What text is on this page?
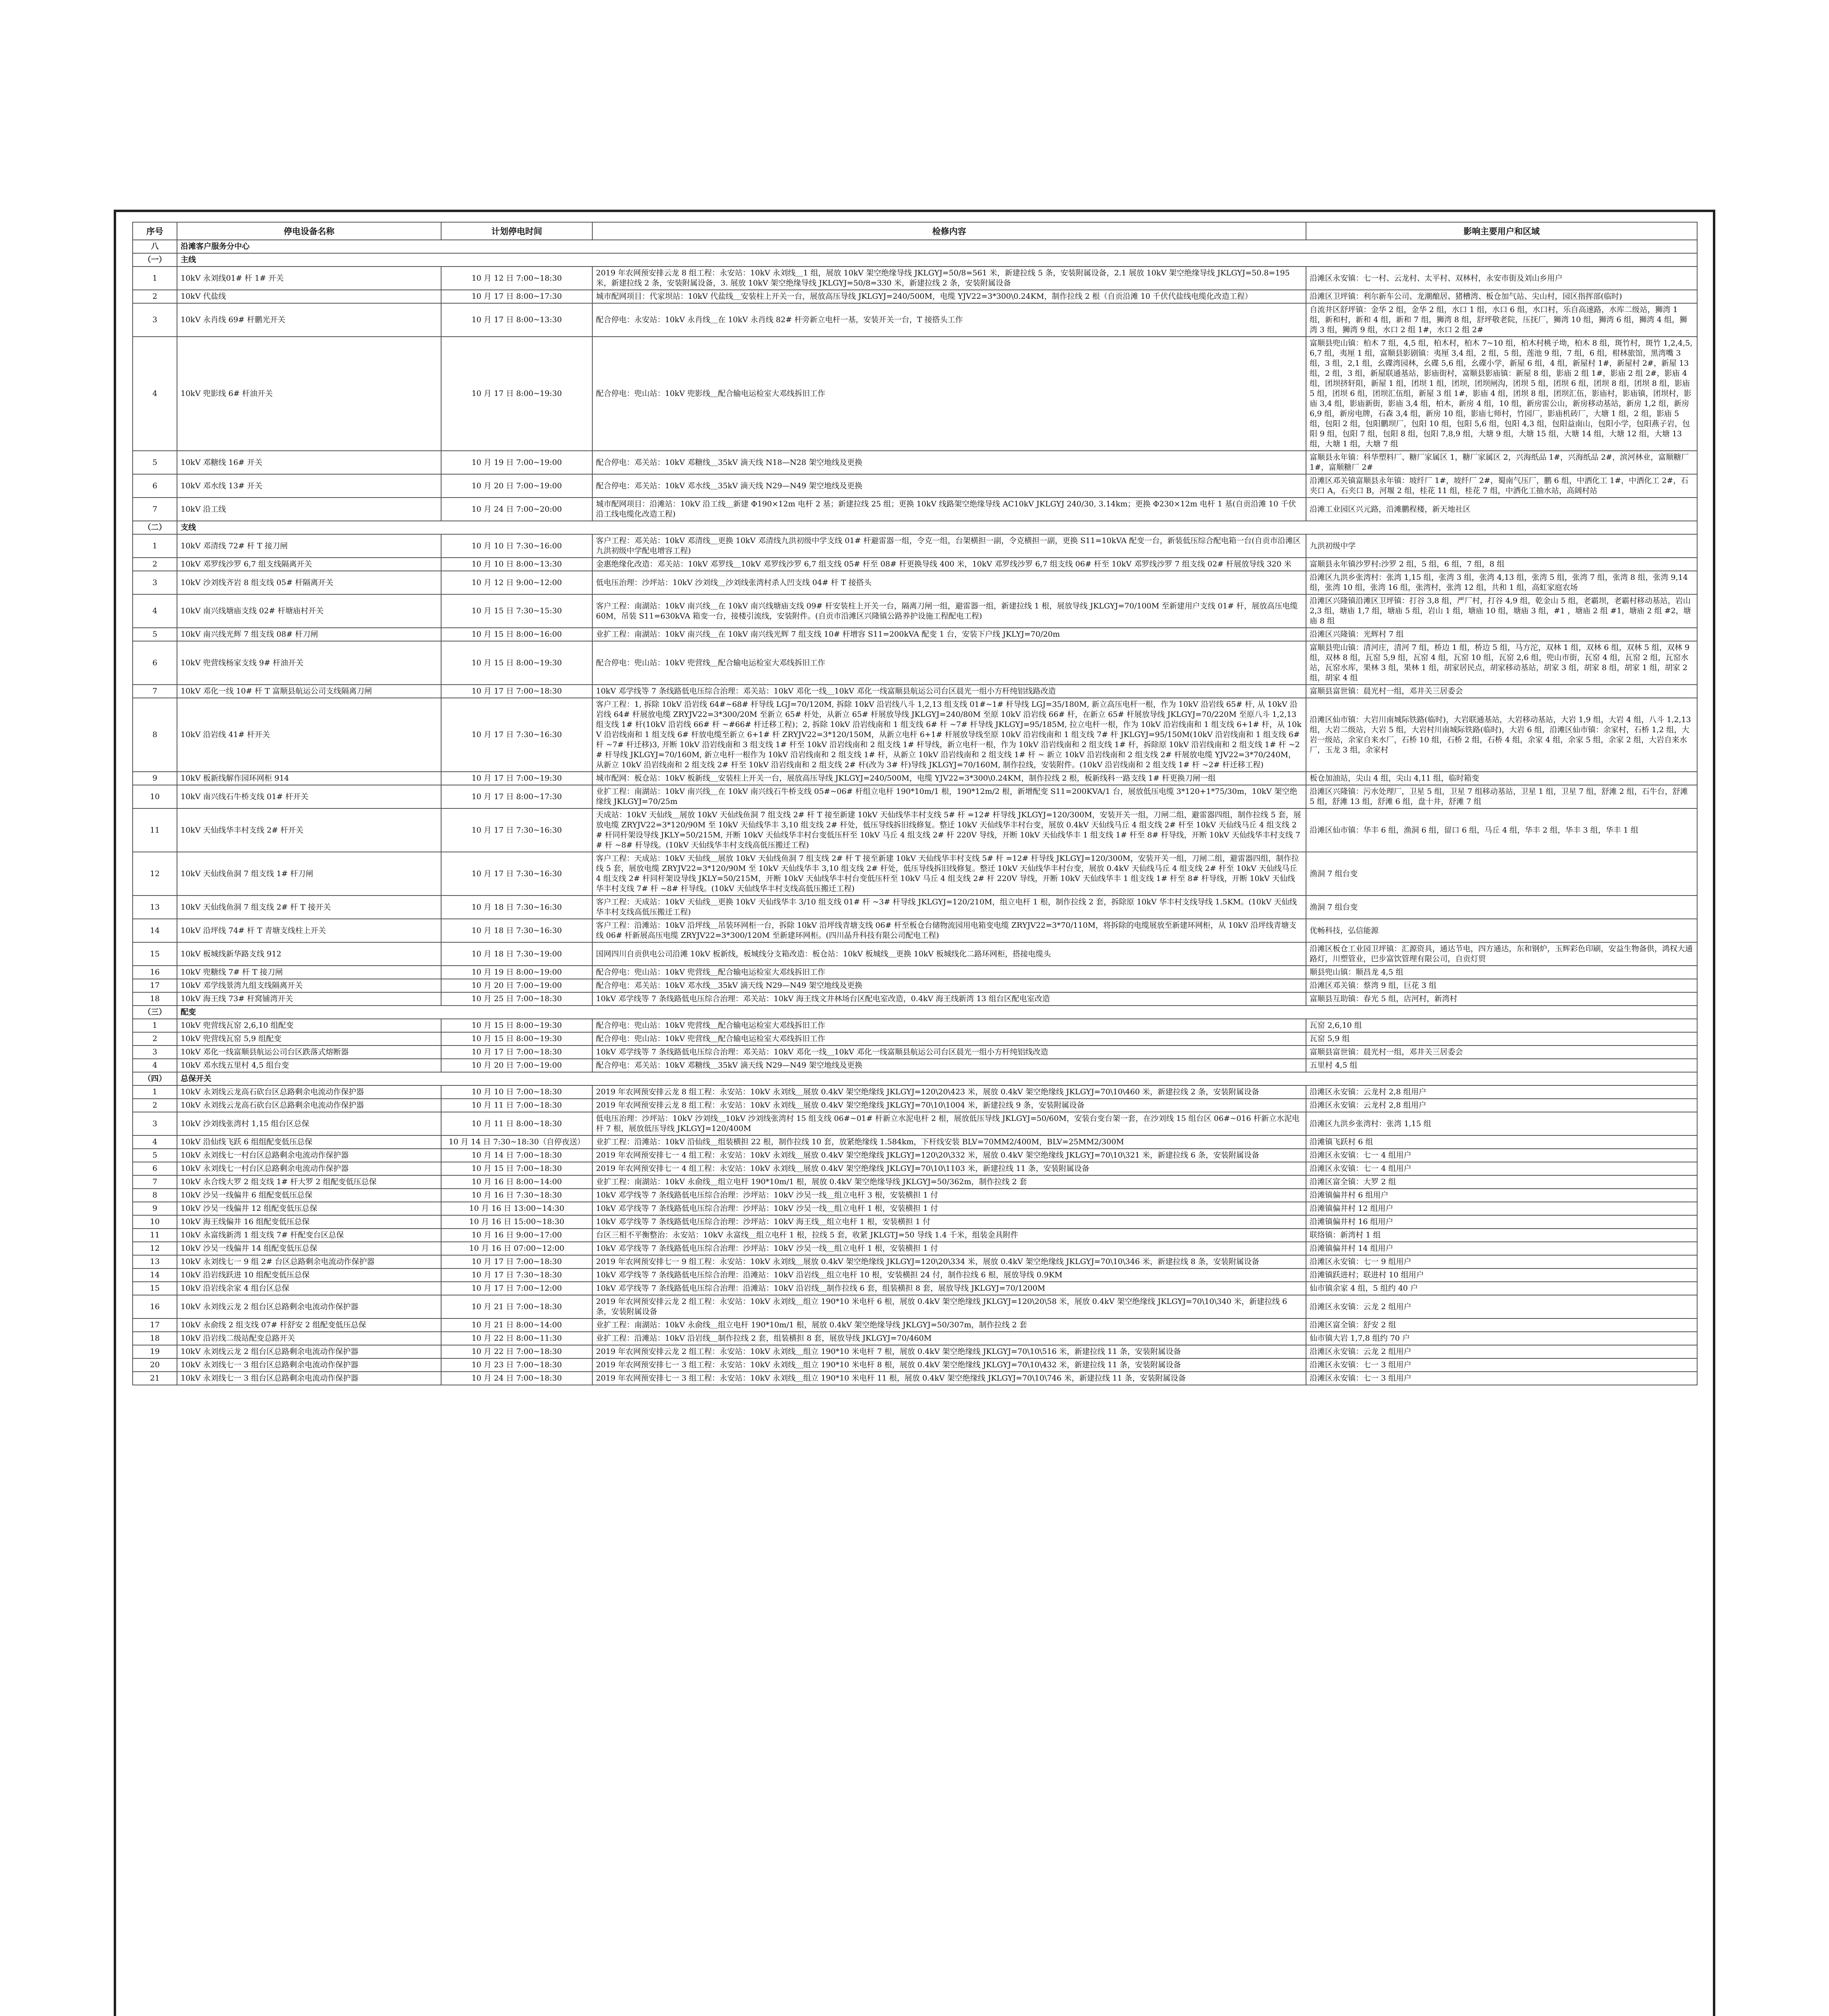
序号	停电设备名称	计划停电时间	检修内容	影响主要用户和区域
八	沿滩客户服务分中心			
（一）	主线			
1	10kV 永刘线01# 杆 1# 开关	10 月 12 日 7:00~18:30	2019 年农网预安排云龙 8 组工程：永安站：10kV 永刘线＿1 组，展放 10kV 架空绝缘导线 JKLGYJ=50/8=561 米，新建拉线 5 条，安装附属设备，2.1 展放 10kV 架空绝缘导线 JKLGYJ=50.8=195 米，新建拉线 2 条，安装附属设备，3. 展放 10kV 架空绝缘导线 JKLGYJ=50/8=330 米，新建拉线 2 条，安装附属设备	沿滩区永安镇：七一村、云龙村、太平村、双林村，永安市街及刘山乡用户
2	10kV 代盐线	10 月 17 日 8:00~17:30	城市配网项目：代家坝站：10kV 代盐线＿安装柱上开关一台，展放高压导线 JKLGYJ=240/500M，电缆 YJV22=3*300\0.24KM，制作拉线 2 根（自贡沿滩 10 千伏代盐线电缆化改造工程）	沿滩区卫坪镇：利尔新车公司、龙潮酿居、猪槽湾、板仓加气站、尖山村，园区指挥部(临时)
3	10kV 永肖线 69# 杆鹏光开关	10 月 17 日 8:00~13:30	配合停电：永安站：10kV 永肖线＿在 10kV 永肖线 82# 杆旁新立电杆一基，安装开关一台，T 接搭头工作	自流井区舒坪镇：金华 2 组，金华 2 组，水口 1 组，水口 6 组，水口村，乐自高速路，水库二级站，狮湾 1 组，新和村，新和 4 组，新和 7 组，狮湾 8 组，舒坪敬老院，压抚厂，狮湾 10 组，狮湾 6 组，狮湾 4 组，狮湾 3 组，狮湾 9 组，水口 2 组 1#，水口 2 组 2#
4	10kV 兜影线 6# 杆油开关	10 月 17 日 8:00~19:30	配合停电：兜山站：10kV 兜影线＿配合输电运检室大邓线拆旧工作	富顺县兜山镇：柏木 7 组，4,5 组，柏木村，柏木 7~10 组，柏木村桃子坳，柏木 8 组，斑竹村，斑竹 1,2,4,5,6,7 组，夷厘 1 组，富顺县影剧镇：夷厘 3,4 组，2 组，5 组，莲池 9 组，7 组，6 组，柑林旅馆，黑湾嘴 3 组，3 组，2,1 组，幺碟湾园林，幺碟 5,6 组，幺碟小学，新屋 6 组，4 组，新屋村 1#，新屋村 2#，新屋 13 组，2 组，3 组，新屋联通基站，影庙街村，富顺县影庙镇：新屋 8 组，影庙 2 组 1#，影庙 2 组 2#，影庙 4 组，团坝挤轩阻，新屋 1 组，团坝 1 组，团坝，团坝闸沟，团坝 5 组，团坝 6 组，团坝 8 组，团坝 8 组，影庙 5 组，团坝 6 组，团坝汇伍组，新屋 3 组 1#，影庙 4 组，团坝 8 组，团坝汇伍，影庙村，影庙镇，团坝村，影庙 3,4 组，影庙新街，影庙 3,4 组，柏木，新房 4 组，10 组，新房雷公山，新房移动基站，新房 1,2 组，新房 6,9 组，新房电牌，石森 3,4 组，新房 10 组，影庙七师村，竹园厂，影庙机砖厂，大塘 1 组，2 组，影庙 5 组，包阳 2 组，包阳鹏坝厂，包阳 10 组，包阳 5,6 组，包阳 4,3 组，包阳益南山，包阳小学，包阳燕子岩，包阳 9 组，包阳 7 组，包阳 8 组，包阳 7,8,9 组，大塘 9 组，大塘 15 组，大塘 14 组，大塘 12 组，大塘 13 组，大塘 1 组，大塘 7 组
5	10kV 邓糖线 16# 开关	10 月 19 日 7:00~19:00	配合停电：邓关站：10kV 邓糖线＿35kV 滴天线 N18—N28 架空地线及更换	富顺县永年镇：科华塑料厂、糖厂家属区 1，糖厂家属区 2，兴海纸品 1#，兴海纸品 2#，滨河林业，富顺糖厂 1#，富顺糖厂 2#
6	10kV 邓水线 13# 开关	10 月 20 日 7:00~19:00	配合停电：邓关站：10kV 邓水线＿35kV 滴天线 N29—N49 架空地线及更换	沿滩区邓关镇富顺县永年镇：坡纤厂 1#，坡纤厂 2#，蜀南气压厂，鹏 6 组，中洒化工 1#，中洒化工 2#，石夹口 A，石夹口 B，河堰 2 组，桂花 11 组，桂花 7 组，中洒化工抽水站，高阔村站
7	10kV 沿工线	10 月 24 日 7:00~20:00	城市配网项目：沿滩站：10kV 沿工线＿新建 Φ190×12m 电杆 2 基；新建拉线 25 组；更换 10kV 线路架空绝缘导线 AC10kV JKLGYJ 240/30, 3.14km；更换 Φ230×12m 电杆 1 基(自贡沿滩 10 千伏沿工线电缆化改造工程)	沿滩工业园区兴元路，沿滩鹏程楼，新天地社区
（二）	支线			
1	10kV 邓清线 72# 杆 T 接刀闸	10 月 10 日 7:30~16:00	客户工程：邓关站：10kV 邓清线＿更换 10kV 邓清线九洪初级中学支线 01# 杆避雷器一组，令克一组，台架横担一副，令克横担一副，更换 S11=10kVA 配变一台，新装低压综合配电箱一台(自贡市沿滩区九洪初级中学配电增容工程)	九洪初级中学
2	10kV 邓罗线沙罗 6,7 组支线隔离开关	10 月 10 日 8:00~13:30	金惠绝缘化改造：邓关站：10kV 邓罗线＿10kV 邓罗线沙罗 6,7 组支线 05# 杆至 08# 杆更换导线 400 米，10kV 邓罗线沙罗 6,7 组支线 06# 杆至 10kV 邓罗线沙罗 7 组支线 02# 杆展放导线 320 米	富顺县永年镇沙罗村:沙罗 2 组，5 组，6 组，7 组，8 组
3	10kV 沙刘线齐岩 8 组支线 05# 杆隔离开关	10 月 12 日 9:00~12:00	低电压治理：沙坪站：10kV 沙刘线＿沙刘线张湾村杀人凹支线 04# 杆 T 接搭头	沿滩区九洪乡张湾村：张湾 1,15 组，张湾 3 组，张湾 4,13 组，张湾 5 组，张湾 7 组，张湾 8 组，张湾 9,14 组，张湾 10 组，张湾 16 组，张湾村，张湾 12 组，共和 1 组，高虹家庭农场
4	10kV 南兴线塘庙支线 02# 杆塘庙村开关	10 月 15 日 7:30~15:30	客户工程：南湖站：10kV 南兴线＿在 10kV 南兴线塘庙支线 09# 杆安装柱上开关一台，隔离刀闸一组，避雷器一组，新建拉线 1 根，展放导线 JKLGYJ=70/100M 至新建用户支线 01# 杆，展放高压电缆 60M，吊装 S11=630kVA 箱变一台，接楼引流线，安装附件。(自贡市沿滩区兴隆镇公路养护设施工程配电工程)	沿滩区兴隆镇沿滩区卫坪镇：打谷 3,8 组，严厂村，打谷 4,9 组，乾金山 5 组，老霸坝，老霸村移动基站，岩山 2,3 组，塘庙 1,7 组，塘庙 5 组，岩山 1 组，塘庙 10 组，塘庙 3 组，#1 ，塘庙 2 组 #1，塘庙 2 组 #2，塘庙 8 组
5	10kV 南兴线光辉 7 组支线 08# 杆刀闸	10 月 15 日 8:00~16:00	业扩工程：南湖站：10kV 南兴线＿在 10kV 南兴线光辉 7 组支线 10# 杆增容 S11=200kVA 配变 1 台，安装下户线 JKLYJ=70/20m	沿滩区兴隆镇：光辉村 7 组
6	10kV 兜营线杨家支线 9# 杆油开关	10 月 15 日 8:00~19:30	配合停电：兜山站：10kV 兜营线＿配合输电运检室大邓线拆旧工作	富顺县兜山镇：清河庄，清河 7 组，桥边 1 组，桥边 5 组，马方沱，双林 1 组，双林 6 组，双林 5 组，双林 9 组，双林 8 组，瓦窑 5,9 组，瓦窑 4 组，瓦窑 10 组，瓦窑 2,6 组，兜山市街，瓦窑 4 组，瓦窑 2 组，瓦窑水站，瓦窑水库，果林 3 组，果林 1 组，胡家居民点，胡家移动基站，胡家 3 组，胡家 8 组，胡家 1 组，胡家 2 组，胡家 4 组
7	10kV 邓化一线 10# 杆 T 富顺县航运公司支线隔离刀闸	10 月 17 日 7:00~18:30	10kV 邓学线等 7 条线路低电压综合治理：邓关站：10kV 邓化一线＿10kV 邓化一线富顺县航运公司台区晨光一组小方杆纯铝线路改造	富顺县富世镇：晨光村一组，邓井关三居委会
8	10kV 沿岩线 41# 杆开关	10 月 17 日 7:30~16:30	客户工程：1, 拆除 10kV 沿岩线 64#~68# 杆导线 LGJ=70/120M, 拆除 10kV 沿岩线八斗 1,2,13 组支线 01#~1# 杆导线 LGJ=35/180M, 新立高压电杆一根，作为 10kV 沿岩线 65# 杆, 从 10kV 沿岩线 64# 杆展放电缆 ZRYJV22=3*300/20M 至新立 65# 杆处，从新立 65# 杆展放导线 JKLGYJ=240/80M 至原 10kV 沿岩线 66# 杆，在新立 65# 杆展放导线 JKLGYJ=70/220M 至原八斗 1,2,13 组支线 1# 杆(10kV 沿岩线 66# 杆 ~#66# 杆迁移工程)；2, 拆除 10kV 沿岩线南和 1 组支线 6# 杆 ~7# 杆导线 JKLGYJ=95/185M, 拉立电杆一根，作为 10kV 沿岩线南和 1 组支线 6+1# 杆，从 10kV 沿岩线南和 1 组支线 6# 杆放电缆至新立 6+1# 杆 ZRYJV22=3*120/150M，从新立电杆 6+1# 杆展放导线至原 10kV 沿岩线南和 1 组支线 7# 杆 JKLGYJ=95/150M(10kV 沿岩线南和 1 组支线 6# 杆 ~7# 杆迁移)3, 开断 10kV 沿岩线南和 3 组支线 1# 杆至 10kV 沿岩线南和 2 组支线 1# 杆导线，新立电杆一根，作为 10kV 沿岩线南和 2 组支线 1# 杆，拆除原 10kV 沿岩线南和 2 组支线 1# 杆 ~2# 杆导线 JKLGYJ=70/160M, 新立电杆一根作为 10kV 沿岩线南和 2 组支线 1# 杆，从新立 10kV 沿岩线南和 2 组支线 1# 杆 ~ 新立 10kV 沿岩线南和 2 组支线 2# 杆展放电缆 YJV22=3*70/240M，从新立 10kV 沿岩线南和 2 组支线 2# 杆至 10kV 沿岩线南和 2 组支线 2# 杆(改为 3# 杆)导线 JKLGYJ=70/160M, 制作拉线，安装附件。(10kV 沿岩线南和 2 组支线 1# 杆 ~2# 杆迁移工程)	沿滩区仙市镇：大岩川南城际铁路(临时)，大岩联通基站，大岩移动基站，大岩 1,9 组，大岩 4 组，八斗 1,2,13 组，大岩二级站，大岩 5 组，大岩村川南城际铁路(临时)，大岩 6 组，沿滩区仙市镇：余家村，石桥 1,2 组，大岩一级站，余家自来水厂，石桥 10 组，石桥 2 组，石桥 4 组，余家 4 组，余家 5 组，余家 2 组，大岩自来水厂，玉龙 3 组，余家村
9	10kV 板新线解作园环网柜 914	10 月 17 日 7:00~19:30	城市配网：板仓站：10kV 板新线＿安装柱上开关一台，展放高压导线 JKLGYJ=240/500M，电缆 YJV22=3*300\0.24KM，制作拉线 2 根，板新线科一路支线 1# 杆更换刀闸一组	板仓加油站，尖山 4 组，尖山 4,11 组，临时箱变
10	10kV 南兴线石牛桥支线 01# 杆开关	10 月 17 日 8:00~17:30	业扩工程：南湖站：10kV 南兴线＿在 10kV 南兴线石牛桥支线 05#~06# 杆组立电杆 190*10m/1 根，190*12m/2 根，新增配变 S11=200KVA/1 台，展放低压电缆 3*120+1*75/30m，10kV 架空绝缘线 JKLGYJ=70/25m	沿滩区兴隆镇：污水处理厂，卫星 5 组，卫星 7 组移动基站，卫星 1 组，卫星 7 组，舒滩 2 组，石牛台，舒滩 5 组，舒滩 13 组，舒滩 6 组，盘十井，舒滩 7 组
11	10kV 天仙线华丰村支线 2# 杆开关	10 月 17 日 7:30~16:30	天成站：10kV 天仙线＿展放 10kV 天仙线鱼洞 7 组支线 2# 杆 T 接至新建 10kV 天仙线华丰村支线 5# 杆 =12# 杆导线 JKLGYJ=120/300M，安装开关一组，刀闸二组，避雷器四组，制作拉线 5 套，展放电缆 ZRYJV22=3*120/90M 至 10kV 天仙线华丰 3,10 组支线 2# 杆处，低压导线拆旧线修复。整迁 10kV 天仙线华丰村台变，展放 0.4kV 天仙线马丘 4 组支线 2# 杆至 10kV 天仙线马丘 4 组支线 2# 杆同杆架设导线 JKLY=50/215M, 开断 10kV 天仙线华丰村台变低压杆至 10kV 马丘 4 组支线 2# 杆 220V 导线，开断 10kV 天仙线华丰 1 组支线 1# 杆至 8# 杆导线，开断 10kV 天仙线华丰村支线 7# 杆 ~8# 杆导线。(10kV 天仙线华丰村支线高低压搬迁工程)	沿滩区仙市镇：华丰 6 组，渔洞 6 组，留口 6 组，马丘 4 组，华丰 2 组，华丰 3 组，华丰 1 组
12	10kV 天仙线鱼洞 7 组支线 1# 杆刀闸	10 月 17 日 7:30~16:30	客户工程：天成站：10kV 天仙线＿展放 10kV 天仙线鱼洞 7 组支线 2# 杆 T 接至新建 10kV 天仙线华丰村支线 5# 杆 =12# 杆导线 JKLGYJ=120/300M，安装开关一组，刀闸二组，避雷器四组，制作拉线 5 套，展放电缆 ZRYJV22=3*120/90M 至 10kV 天仙线华丰 3,10 组支线 2# 杆处，低压导线拆旧线修复。整迁 10kV 天仙线华丰村台变，展放 0.4kV 天仙线马丘 4 组支线 2# 杆至 10kV 天仙线马丘 4 组支线 2# 杆同杆架设导线 JKLY=50/215M，开断 10kV 天仙线华丰村台变低压杆至 10kV 马丘 4 组支线 2# 杆 220V 导线，开断 10kV 天仙线华丰 1 组支线 1# 杆至 8# 杆导线，开断 10kV 天仙线华丰村支线 7# 杆 ~8# 杆导线。(10kV 天仙线华丰村支线高低压搬迁工程)	渔洞 7 组台变
13	10kV 天仙线鱼洞 7 组支线 2# 杆 T 接开关	10 月 18 日 7:30~16:30	客户工程：天成站：10kV 天仙线＿更换 10kV 天仙线华丰 3/10 组支线 01# 杆 ~3# 杆导线 JKLGYJ=120/210M，组立电杆 1 根，制作拉线 2 套，拆除原 10kV 华丰村支线导线 1.5KM。(10kV 天仙线华丰村支线高低压搬迁工程)	渔洞 7 组台变
14	10kV 沿坪线 74# 杆 T 青塘支线柱上开关	10 月 18 日 7:30~16:30	客户工程：沿滩站：10kV 沿坪线＿吊装环网柜一台，拆除 10kV 沿坪线青塘支线 06# 杆至板仓台储物流园用电箱变电缆 ZRYJV22=3*70/110M，将拆除的电缆展放至新建环网柜，从 10kV 沿坪线青塘支线 06# 杆新展高压电缆 ZRYJV22=3*300/120M 至新建环网柜。(四川晶升科技有限公司配电工程)	优畅科技，弘信能源
15	10kV 板城线新华路支线 912	10 月 18 日 7:30~19:00	国网四川自贡供电公司沿滩 10kV 板新线，板城线分支箱改造：板仓站：10kV 板城线＿更换 10kV 板城线化二路环网柜，搭接电缆头	沿滩区板仓工业园卫坪镇：汇源资具，通达节电，四方通达，东和钢炉，玉辉彩色印刷，安益生物备供，鸿权大通路灯，川塑管业，巴步富饮管理有限公司，自贡灯贸
16	10kV 兜糖线 7# 杆 T 接刀闸	10 月 19 日 8:00~19:00	配合停电：兜山站：10kV 兜营线＿配合输电运检室大邓线拆旧工作	顺县兜山镇：顺昌龙 4,5 组
17	10kV 邓学线景湾九组支线隔离开关	10 月 20 日 7:00~19:00	配合停电：邓关站：10kV 邓水线＿35kV 滴天线 N29—N49 架空地线及更换	沿滩区邓关镇：蔡湾 9 组，巨花 3 组
18	10kV 海王线 73# 杆窝铺湾开关	10 月 25 日 7:00~18:30	10kV 邓学线等 7 条线路低电压综合治理：邓关站：10kV 海王线文井林场台区配电室改造，0.4kV 海王线新湾 13 组台区配电室改造	富顺县互助镇：春光 5 组，店河村，新湾村
（三）	配变			
1	10kV 兜营线瓦窑 2,6,10 组配变	10 月 15 日 8:00~19:30	配合停电：兜山站：10kV 兜营线＿配合输电运检室大邓线拆旧工作	瓦窑 2,6,10 组
2	10kV 兜营线瓦窑 5,9 组配变	10 月 15 日 8:00~19:30	配合停电：兜山站：10kV 兜营线＿配合输电运检室大邓线拆旧工作	瓦窑 5,9 组
3	10kV 邓化一线富顺县航运公司台区跌落式熔断器	10 月 17 日 7:00~18:30	10kV 邓学线等 7 条线路低电压综合治理：邓关站：10kV 邓化一线＿10kV 邓化一线富顺县航运公司台区晨光一组小方杆纯铝线改造	富顺县富世镇：晨光村一组，邓井关三居委会
4	10kV 邓水线五里村 4,5 组台变	10 月 20 日 7:00~19:00	配合停电：邓关站：10kV 邓糖线＿35kV 滴天线 N29—N49 架空地线及更换	五里村 4,5 组
（四）	总保开关			
1	10kV 永刘线云龙高石砍台区总路剩余电流动作保护器	10 月 10 日 7:00~18:30	2019 年农网预安排云龙 8 组工程：永安站：10kV 永刘线＿展放 0.4kV 架空绝缘线 JKLGYJ=120\20\423 米，展放 0.4kV 架空绝缘线 JKLGYJ=70\10\460 米，新建拉线 2 条，安装附属设备	沿滩区永安镇：云龙村 2,8 组用户
2	10kV 永刘线云龙高石砍台区总路剩余电流动作保护器	10 月 11 日 7:00~18:30	2019 年农网预安排云龙 8 组工程：永安站：10kV 永刘线＿展放 0.4kV 架空绝缘线 JKLGYJ=70\10\1004 米，新建拉线 9 条，安装附属设备	沿滩区永安镇：云龙村 2,8 组用户
3	10kV 沙刘线张湾村 1,15 组台区总保	10 月 11 日 8:00~18:30	低电压治理：沙坪站：10kV 沙刘线＿10kV 沙刘线张湾村 15 组支线 06#~01# 杆新立水泥电杆 2 根，展放低压导线 JKLGYJ=50/60M，安装台变台架一套，在沙刘线 15 组台区 06#~016 杆新立水泥电杆 7 根，展放低压导线 JKLGYJ=120/400M	沿滩区九洪乡张湾村：张湾 1,15 组
4	10kV 沿仙线飞跃 6 组组配变低压总保	10 月 14 日 7:30~18:30（自停夜送）	业扩工程：沿滩站：10kV 沿仙线＿组装横担 22 根，制作拉线 10 套，放紧绝缘线 1.584km，下杆线安装 BLV=70MM2/400M，BLV=25MM2/300M	沿滩镇飞跃村 6 组
5	10kV 永刘线七一村台区总路剩余电流动作保护器	10 月 14 日 7:00~18:30	2019 年农网预安排七一 4 组工程：永安站：10kV 永刘线＿展放 0.4kV 架空绝缘线 JKLGYJ=120\20\332 米，展放 0.4kV 架空绝缘线 JKLGYJ=70\10\321 米，新建拉线 6 条，安装附属设备	沿滩区永安镇：七一 4 组用户
6	10kV 永刘线七一村台区总路剩余电流动作保护器	10 月 15 日 7:00~18:30	2019 年农网预安排七一 4 组工程：永安站：10kV 永刘线＿展放 0.4kV 架空绝缘线 JKLGYJ=70\10\1103 米，新建拉线 11 条，安装附属设备	沿滩区永安镇：七一 4 组用户
7	10kV 永合线大罗 2 组支线 1# 杆大罗 2 组配变低压总保	10 月 16 日 8:00~14:00	业扩工程：南湖站：10kV 永俞线＿组立电杆 190*10m/1 根，展放 0.4kV 架空绝缘导线 JKLGYJ=50/362m，制作拉线 2 套	沿滩区富全镇：大罗 2 组
8	10kV 沙吴一线偏井 6 组配变低压总保	10 月 16 日 7:30~18:30	10kV 邓学线等 7 条线路低电压综合治理：沙坪站：10kV 沙吴一线＿组立电杆 3 根，安装横担 1 付	沿滩镇偏井村 6 组用户
9	10kV 沙吴一线偏井 12 组配变低压总保	10 月 16 日 13:00~14:30	10kV 邓学线等 7 条线路低电压综合治理：沙坪站：10kV 沙吴一线＿组立电杆 1 根，安装横担 1 付	沿滩镇偏井村 12 组用户
10	10kV 海王线偏井 16 组配变低压总保	10 月 16 日 15:00~18:30	10kV 邓学线等 7 条线路低电压综合治理：沙坪站：10kV 海王线＿组立电杆 1 根，安装横担 1 付	沿滩镇偏井村 16 组用户
11	10kV 永富线新湾 1 组支线 7# 杆配变台区总保	10 月 16 日 9:00~17:00	台区三相不平衡整治：永安站：10kV 永富线＿组立电杆 1 根，拉线 5 套，收紧 JKLGTJ=50 导线 1.4 千米，组装金具附件	联络镇：新湾村 1 组
12	10kV 沙吴一线偏井 14 组配变低压总保	10 月 16 日 07:00~12:00	10kV 邓学线等 7 条线路低电压综合治理：沙坪站：10kV 沙吴一线＿组立电杆 1 根，安装横担 1 付	沿滩镇偏井村 14 组用户
13	10kV 永刘线七一 9 组 2# 台区总路剩余电流动作保护器	10 月 17 日 7:00~18:30	2019 年农网预安排七一 9 组工程：永安站：10kV 永刘线＿展放 0.4kV 架空绝缘线 JKLGYJ=120\20\334 米，展放 0.4kV 架空绝缘线 JKLGYJ=70\10\346 米，新建拉线 8 条，安装附属设备	沿滩区永安镇：七一 9 组用户
14	10kV 沿岩线跃进 10 组配变低压总保	10 月 17 日 7:30~18:30	10kV 邓学线等 7 条线路低电压综合治理：沿滩站：10kV 沿岩线＿组立电杆 10 根，安装横担 24 付，制作拉线 6 根，展放导线 0.9KM	沿滩镇跃进村；联进村 10 组用户
15	10kV 沿岩线余家 4 组台区总保	10 月 17 日 7:00~12:00	10kV 邓学线等 7 条线路低电压综合治理：沿滩站：10kV 沿岩线＿制作拉线 6 套，组装横担 8 套，展放导线 JKLGYJ=70/1200M	仙市镇余家 4 组，5 组约 40 户
16	10kV 永刘线云龙 2 组台区总路剩余电流动作保护器	10 月 21 日 7:00~18:30	2019 年农网预安排云龙 2 组工程：永安站：10kV 永刘线＿组立 190*10 米电杆 6 根，展放 0.4kV 架空绝缘线 JKLGYJ=120\20\58 米，展放 0.4kV 架空绝缘线 JKLGYJ=70\10\340 米，新建拉线 6 条，安装附属设备	沿滩区永安镇：云龙 2 组用户
17	10kV 永俞线 2 组支线 07# 杆舒安 2 组配变低压总保	10 月 21 日 8:00~14:00	业扩工程：南湖站：10kV 永俞线＿组立电杆 190*10m/1 根，展放 0.4kV 架空绝缘导线 JKLGYJ=50/307m，制作拉线 2 套	沿滩区富全镇：舒安 2 组
18	10kV 沿岩线二级站配变总路开关	10 月 22 日 8:00~11:30	业扩工程：沿滩站：10kV 沿岩线＿制作拉线 2 套，组装横担 8 套，展放导线 JKLGYJ=70/460M	仙市镇大岩 1,7,8 组约 70 户
19	10kV 永刘线云龙 2 组台区总路剩余电流动作保护器	10 月 22 日 7:00~18:30	2019 年农网预安排云龙 2 组工程：永安站：10kV 永刘线＿组立 190*10 米电杆 7 根，展放 0.4kV 架空绝缘线 JKLGYJ=70\10\516 米，新建拉线 11 条，安装附属设备	沿滩区永安镇：云龙 2 组用户
20	10kV 永刘线七一 3 组台区总路剩余电流动作保护器	10 月 23 日 7:00~18:30	2019 年农网预安排七一 3 组工程：永安站：10kV 永刘线＿组立 190*10 米电杆 8 根，展放 0.4kV 架空绝缘线 JKLGYJ=70\10\432 米，新建拉线 11 条，安装附属设备	沿滩区永安镇：七一 3 组用户
21	10kV 永刘线七一 3 组台区总路剩余电流动作保护器	10 月 24 日 7:00~18:30	2019 年农网预安排七一 3 组工程：永安站：10kV 永刘线＿组立 190*10 米电杆 11 根，展放 0.4kV 架空绝缘线 JKLGYJ=70\10\746 米，新建拉线 11 条，安装附属设备	沿滩区永安镇：七一 3 组用户
